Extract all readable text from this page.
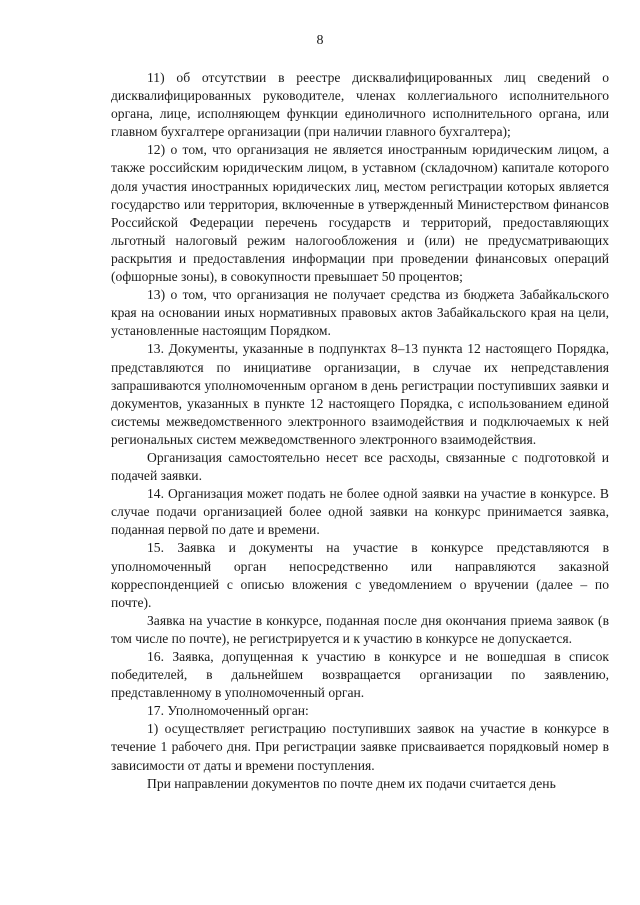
8

11) об отсутствии в реестре дисквалифицированных лиц сведений о дисквалифицированных руководителе, членах коллегиального исполнительного органа, лице, исполняющем функции единоличного исполнительного органа, или главном бухгалтере организации (при наличии главного бухгалтера);

12) о том, что организация не является иностранным юридическим лицом, а также российским юридическим лицом, в уставном (складочном) капитале которого доля участия иностранных юридических лиц, местом регистрации которых является государство или территория, включенные в утвержденный Министерством финансов Российской Федерации перечень государств и территорий, предоставляющих льготный налоговый режим налогообложения и (или) не предусматривающих раскрытия и предоставления информации при проведении финансовых операций (офшорные зоны), в совокупности превышает 50 процентов;

13) о том, что организация не получает средства из бюджета Забайкальского края на основании иных нормативных правовых актов Забайкальского края на цели, установленные настоящим Порядком.

13. Документы, указанные в подпунктах 8–13 пункта 12 настоящего Порядка, представляются по инициативе организации, в случае их непредставления запрашиваются уполномоченным органом в день регистрации поступивших заявки и документов, указанных в пункте 12 настоящего Порядка, с использованием единой системы межведомственного электронного взаимодействия и подключаемых к ней региональных систем межведомственного электронного взаимодействия.

Организация самостоятельно несет все расходы, связанные с подготовкой и подачей заявки.

14. Организация может подать не более одной заявки на участие в конкурсе. В случае подачи организацией более одной заявки на конкурс принимается заявка, поданная первой по дате и времени.

15. Заявка и документы на участие в конкурсе представляются в уполномоченный орган непосредственно или направляются заказной корреспонденцией с описью вложения с уведомлением о вручении (далее – по почте).

Заявка на участие в конкурсе, поданная после дня окончания приема заявок (в том числе по почте), не регистрируется и к участию в конкурсе не допускается.

16. Заявка, допущенная к участию в конкурсе и не вошедшая в список победителей, в дальнейшем возвращается организации по заявлению, представленному в уполномоченный орган.

17. Уполномоченный орган:

1) осуществляет регистрацию поступивших заявок на участие в конкурсе в течение 1 рабочего дня. При регистрации заявке присваивается порядковый номер в зависимости от даты и времени поступления.

При направлении документов по почте днем их подачи считается день
